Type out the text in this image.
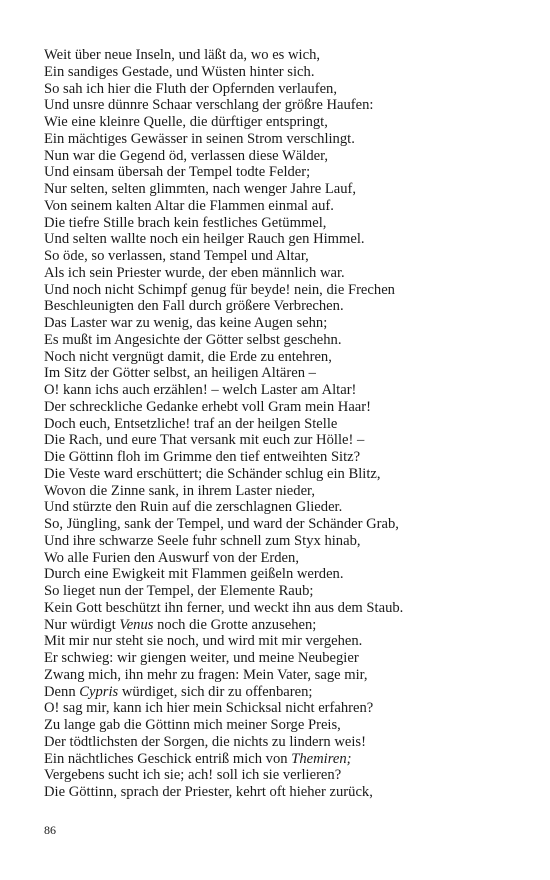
Weit über neue Inseln, und läßt da, wo es wich,
Ein sandiges Gestade, und Wüsten hinter sich.
So sah ich hier die Fluth der Opfernden verlaufen,
Und unsre dünnre Schaar verschlang der größre Haufen:
Wie eine kleinre Quelle, die dürftiger entspringt,
Ein mächtiges Gewässer in seinen Strom verschlingt.
Nun war die Gegend öd, verlassen diese Wälder,
Und einsam übersah der Tempel todte Felder;
Nur selten, selten glimmten, nach wenger Jahre Lauf,
Von seinem kalten Altar die Flammen einmal auf.
Die tiefre Stille brach kein festliches Getümmel,
Und selten wallte noch ein heilger Rauch gen Himmel.
So öde, so verlassen, stand Tempel und Altar,
Als ich sein Priester wurde, der eben männlich war.
Und noch nicht Schimpf genug für beyde! nein, die Frechen
Beschleunigten den Fall durch größere Verbrechen.
Das Laster war zu wenig, das keine Augen sehn;
Es mußt im Angesichte der Götter selbst geschehn.
Noch nicht vergnügt damit, die Erde zu entehren,
Im Sitz der Götter selbst, an heiligen Altären –
O! kann ichs auch erzählen! – welch Laster am Altar!
Der schreckliche Gedanke erhebt voll Gram mein Haar!
Doch euch, Entsetzliche! traf an der heilgen Stelle
Die Rach, und eure That versank mit euch zur Hölle! –
Die Göttinn floh im Grimme den tief entweihten Sitz?
Die Veste ward erschüttert; die Schänder schlug ein Blitz,
Wovon die Zinne sank, in ihrem Laster nieder,
Und stürzte den Ruin auf die zerschlagnen Glieder.
So, Jüngling, sank der Tempel, und ward der Schänder Grab,
Und ihre schwarze Seele fuhr schnell zum Styx hinab,
Wo alle Furien den Auswurf von der Erden,
Durch eine Ewigkeit mit Flammen geißeln werden.
So lieget nun der Tempel, der Elemente Raub;
Kein Gott beschützt ihn ferner, und weckt ihn aus dem Staub.
Nur würdigt Venus noch die Grotte anzusehen;
Mit mir nur steht sie noch, und wird mit mir vergehen.
Er schwieg: wir giengen weiter, und meine Neubegier
Zwang mich, ihn mehr zu fragen: Mein Vater, sage mir,
Denn Cypris würdiget, sich dir zu offenbaren;
O! sag mir, kann ich hier mein Schicksal nicht erfahren?
Zu lange gab die Göttinn mich meiner Sorge Preis,
Der tödtlichsten der Sorgen, die nichts zu lindern weis!
Ein nächtliches Geschick entriß mich von Themiren;
Vergebens sucht ich sie; ach! soll ich sie verlieren?
Die Göttinn, sprach der Priester, kehrt oft hieher zurück,
86
